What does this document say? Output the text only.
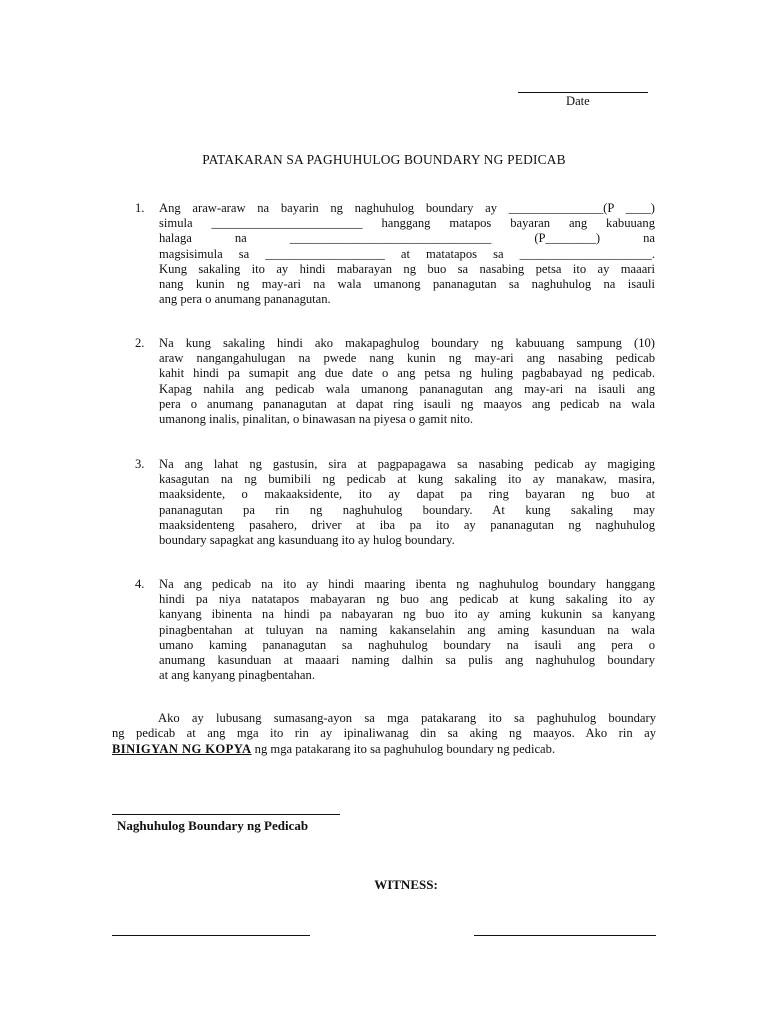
Date
PATAKARAN SA PAGHUHULOG BOUNDARY NG PEDICAB
1. Ang araw-araw na bayarin ng naghuhulog boundary ay _______________(P ____)
simula ________________________ hanggang matapos bayaran ang kabuuang
halaga na ________________________________ (P________) na
magsisimula sa ___________________ at matatapos sa _____________________.
Kung sakaling ito ay hindi mabarayan ng buo sa nasabing petsa ito ay maaari
nang kunin ng may-ari na wala umanong pananagutan sa naghuhulog na isauli
ang pera o anumang pananagutan.
2. Na kung sakaling hindi ako makapaghulog boundary ng kabuuang sampung (10)
araw nangangahulugan na pwede nang kunin ng may-ari ang nasabing pedicab
kahit hindi pa sumapit ang due date o ang petsa ng huling pagbabayad ng pedicab.
Kapag nahila ang pedicab wala umanong pananagutan ang may-ari na isauli ang
pera o anumang pananagutan at dapat ring isauli ng maayos ang pedicab na wala
umanong inalis, pinalitan, o binawasan na piyesa o gamit nito.
3. Na ang lahat ng gastusin, sira at pagpapagawa sa nasabing pedicab ay magiging
kasagutan na ng bumibili ng pedicab at kung sakaling ito ay manakaw, masira,
maaksidente, o makaaksidente, ito ay dapat pa ring bayaran ng buo at
pananagutan pa rin ng naghuhulog boundary. At kung sakaling may
maaksidenteng pasahero, driver at iba pa ito ay pananagutan ng naghuhulog
boundary sapagkat ang kasunduang ito ay hulog boundary.
4. Na ang pedicab na ito ay hindi maaring ibenta ng naghuhulog boundary hanggang
hindi pa niya natatapos mabayaran ng buo ang pedicab at kung sakaling ito ay
kanyang ibinenta na hindi pa nabayaran ng buo ito ay aming kukunin sa kanyang
pinagbentahan at tuluyan na naming kakanselahin ang aming kasunduan na wala
umano kaming pananagutan sa naghuhulog boundary na isauli ang pera o
anumang kasunduan at maaari naming dalhin sa pulis ang naghuhulog boundary
at ang kanyang pinagbentahan.
Ako ay lubusang sumasang-ayon sa mga patakarang ito sa paghuhulog boundary
ng pedicab at ang mga ito rin ay ipinaliwanag din sa aking ng maayos. Ako rin ay
BINIGYAN NG KOPYA ng mga patakarang ito sa paghuhulog boundary ng pedicab.
Naghuhulog Boundary ng Pedicab
WITNESS:
